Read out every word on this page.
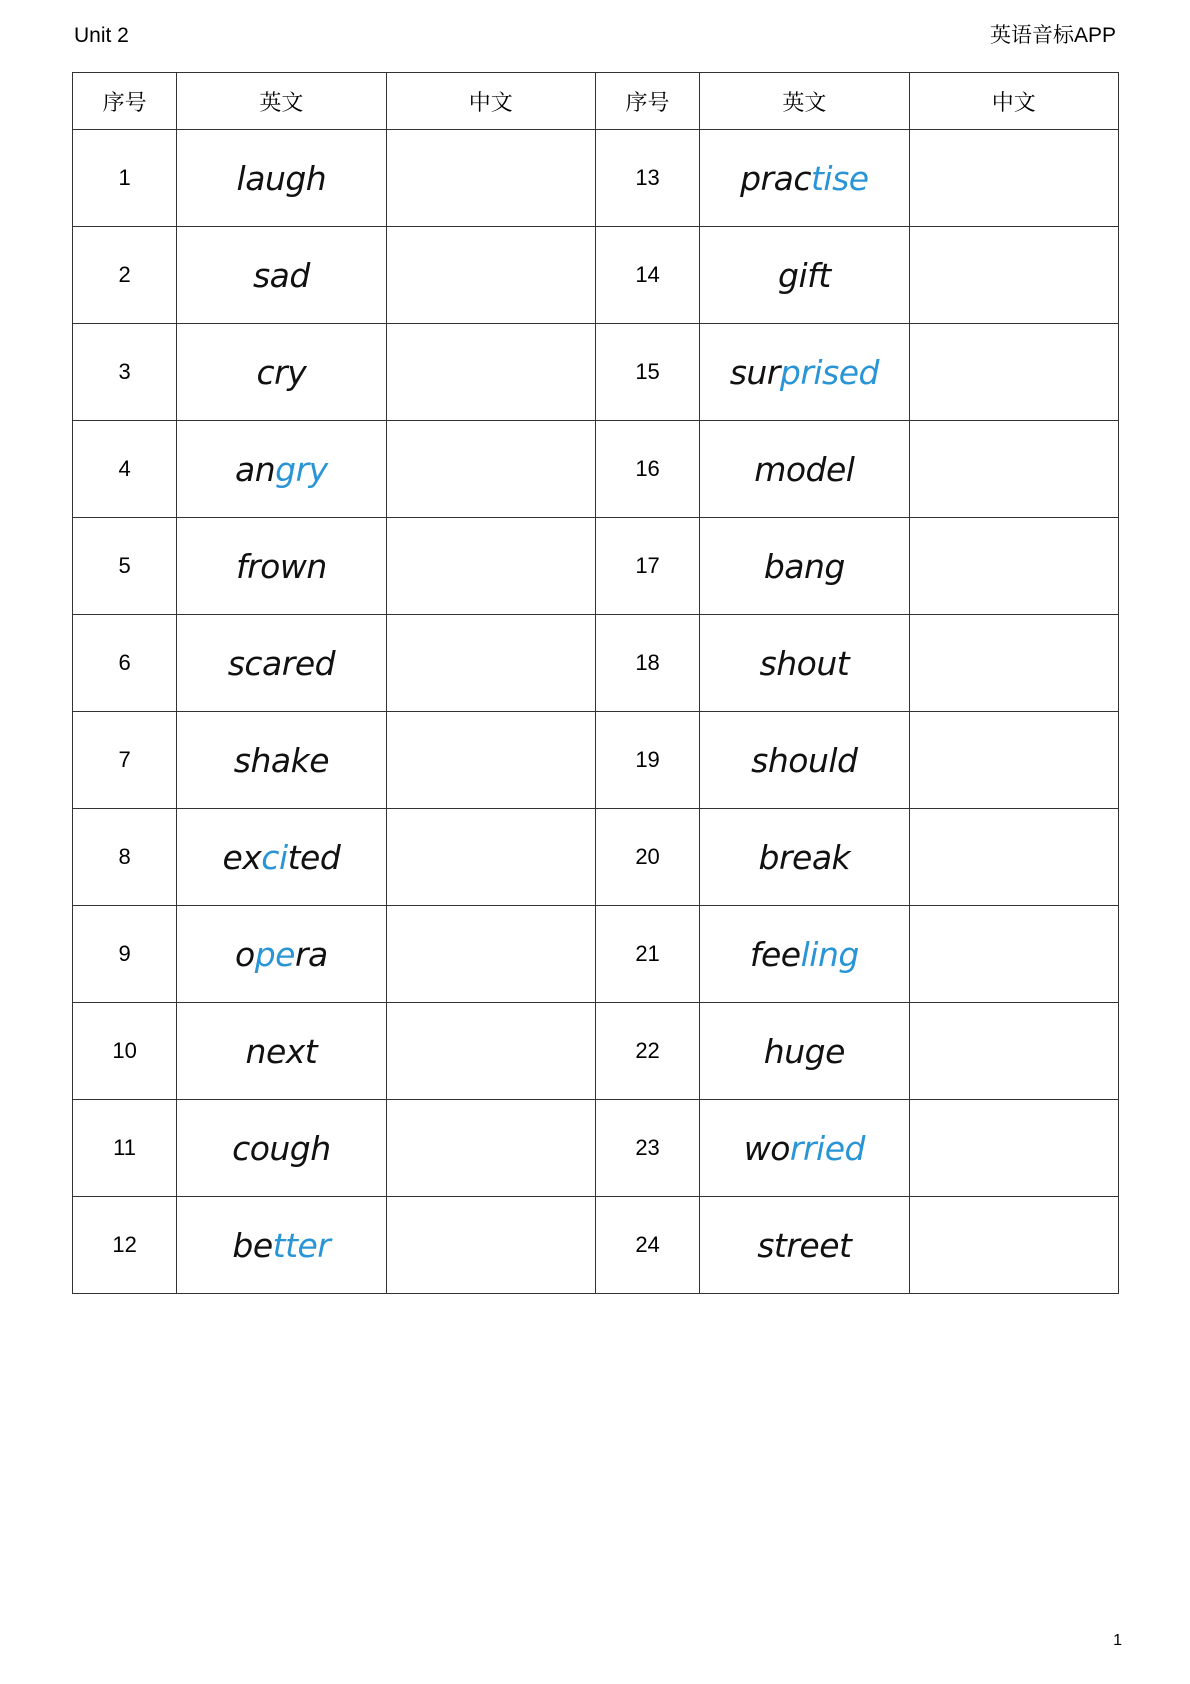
Unit 2	英语音标APP
序号	英文	中文	序号	英文	中文
1	laugh		13	practise	
2	sad		14	gift	
3	cry		15	surprised	
4	angry		16	model	
5	frown		17	bang	
6	scared		18	shout	
7	shake		19	should	
8	excited		20	break	
9	opera		21	feeling	
10	next		22	huge	
11	cough		23	worried	
12	better		24	street	
1
